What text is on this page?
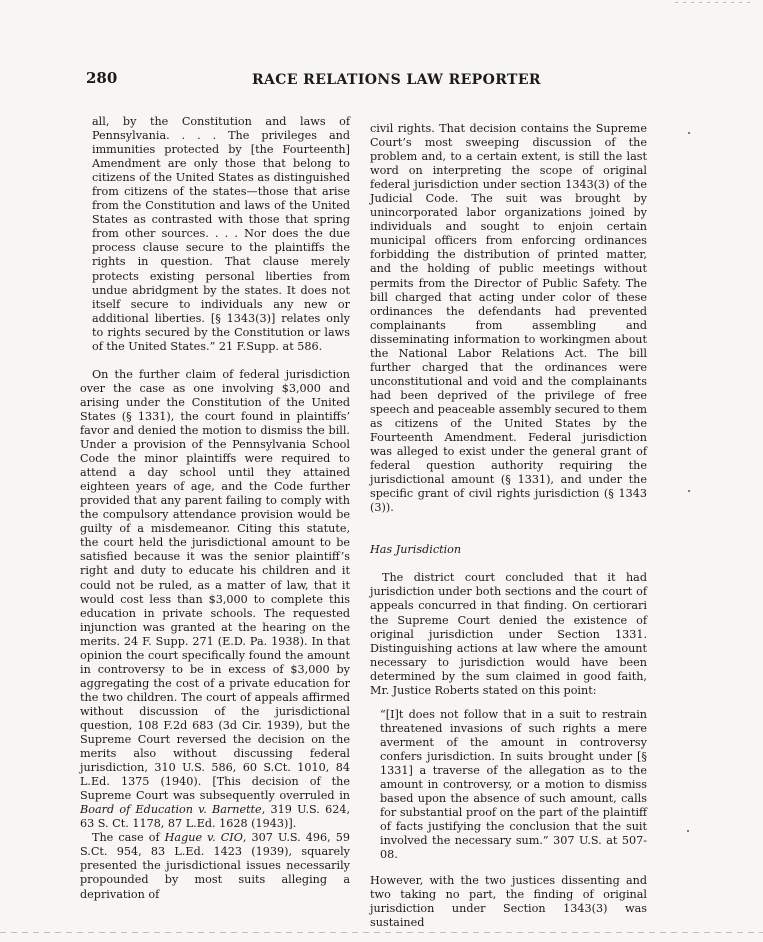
280	RACE RELATIONS LAW REPORTER

all, by the Constitution and laws of Pennsylvania. . . . The privileges and immunities protected by [the Fourteenth] Amendment are only those that belong to citizens of the United States as distinguished from citizens of the states—those that arise from the Constitution and laws of the United States as contrasted with those that spring from other sources. . . . Nor does the due process clause secure to the plaintiffs the rights in question. That clause merely protects existing personal liberties from undue abridgment by the states. It does not itself secure to individuals any new or additional liberties. [§ 1343(3)] relates only to rights secured by the Constitution or laws of the United States.” 21 F.Supp. at 586.

On the further claim of federal jurisdiction over the case as one involving $3,000 and arising under the Constitution of the United States (§ 1331), the court found in plaintiffs’ favor and denied the motion to dismiss the bill. Under a provision of the Pennsylvania School Code the minor plaintiffs were required to attend a day school until they attained eighteen years of age, and the Code further provided that any parent failing to comply with the compulsory attendance provision would be guilty of a misdemeanor. Citing this statute, the court held the jurisdictional amount to be satisfied because it was the senior plaintiff’s right and duty to educate his children and it could not be ruled, as a matter of law, that it would cost less than $3,000 to complete this education in private schools. The requested injunction was granted at the hearing on the merits. 24 F. Supp. 271 (E.D. Pa. 1938). In that opinion the court specifically found the amount in controversy to be in excess of $3,000 by aggregating the cost of a private education for the two children. The court of appeals affirmed without discussion of the jurisdictional question, 108 F.2d 683 (3d Cir. 1939), but the Supreme Court reversed the decision on the merits also without discussing federal jurisdiction, 310 U.S. 586, 60 S.Ct. 1010, 84 L.Ed. 1375 (1940). [This decision of the Supreme Court was subsequently overruled in Board of Education v. Barnette, 319 U.S. 624, 63 S. Ct. 1178, 87 L.Ed. 1628 (1943)].

The case of Hague v. CIO, 307 U.S. 496, 59 S.Ct. 954, 83 L.Ed. 1423 (1939), squarely presented the jurisdictional issues necessarily propounded by most suits alleging a deprivation of

civil rights. That decision contains the Supreme Court’s most sweeping discussion of the problem and, to a certain extent, is still the last word on interpreting the scope of original federal jurisdiction under section 1343(3) of the Judicial Code. The suit was brought by unincorporated labor organizations joined by individuals and sought to enjoin certain municipal officers from enforcing ordinances forbidding the distribution of printed matter, and the holding of public meetings without permits from the Director of Public Safety. The bill charged that acting under color of these ordinances the defendants had prevented complainants from assembling and disseminating information to workingmen about the National Labor Relations Act. The bill further charged that the ordinances were unconstitutional and void and the complainants had been deprived of the privilege of free speech and peaceable assembly secured to them as citizens of the United States by the Fourteenth Amendment. Federal jurisdiction was alleged to exist under the general grant of federal question authority requiring the jurisdictional amount (§ 1331), and under the specific grant of civil rights jurisdiction (§ 1343 (3)).

Has Jurisdiction

The district court concluded that it had jurisdiction under both sections and the court of appeals concurred in that finding. On certiorari the Supreme Court denied the existence of original jurisdiction under Section 1331. Distinguishing actions at law where the amount necessary to jurisdiction would have been determined by the sum claimed in good faith, Mr. Justice Roberts stated on this point:

“[I]t does not follow that in a suit to restrain threatened invasions of such rights a mere averment of the amount in controversy confers jurisdiction. In suits brought under [§ 1331] a traverse of the allegation as to the amount in controversy, or a motion to dismiss based upon the absence of such amount, calls for substantial proof on the part of the plaintiff of facts justifying the conclusion that the suit involved the necessary sum.” 307 U.S. at 507-08.

However, with the two justices dissenting and two taking no part, the finding of original jurisdiction under Section 1343(3) was sustained
